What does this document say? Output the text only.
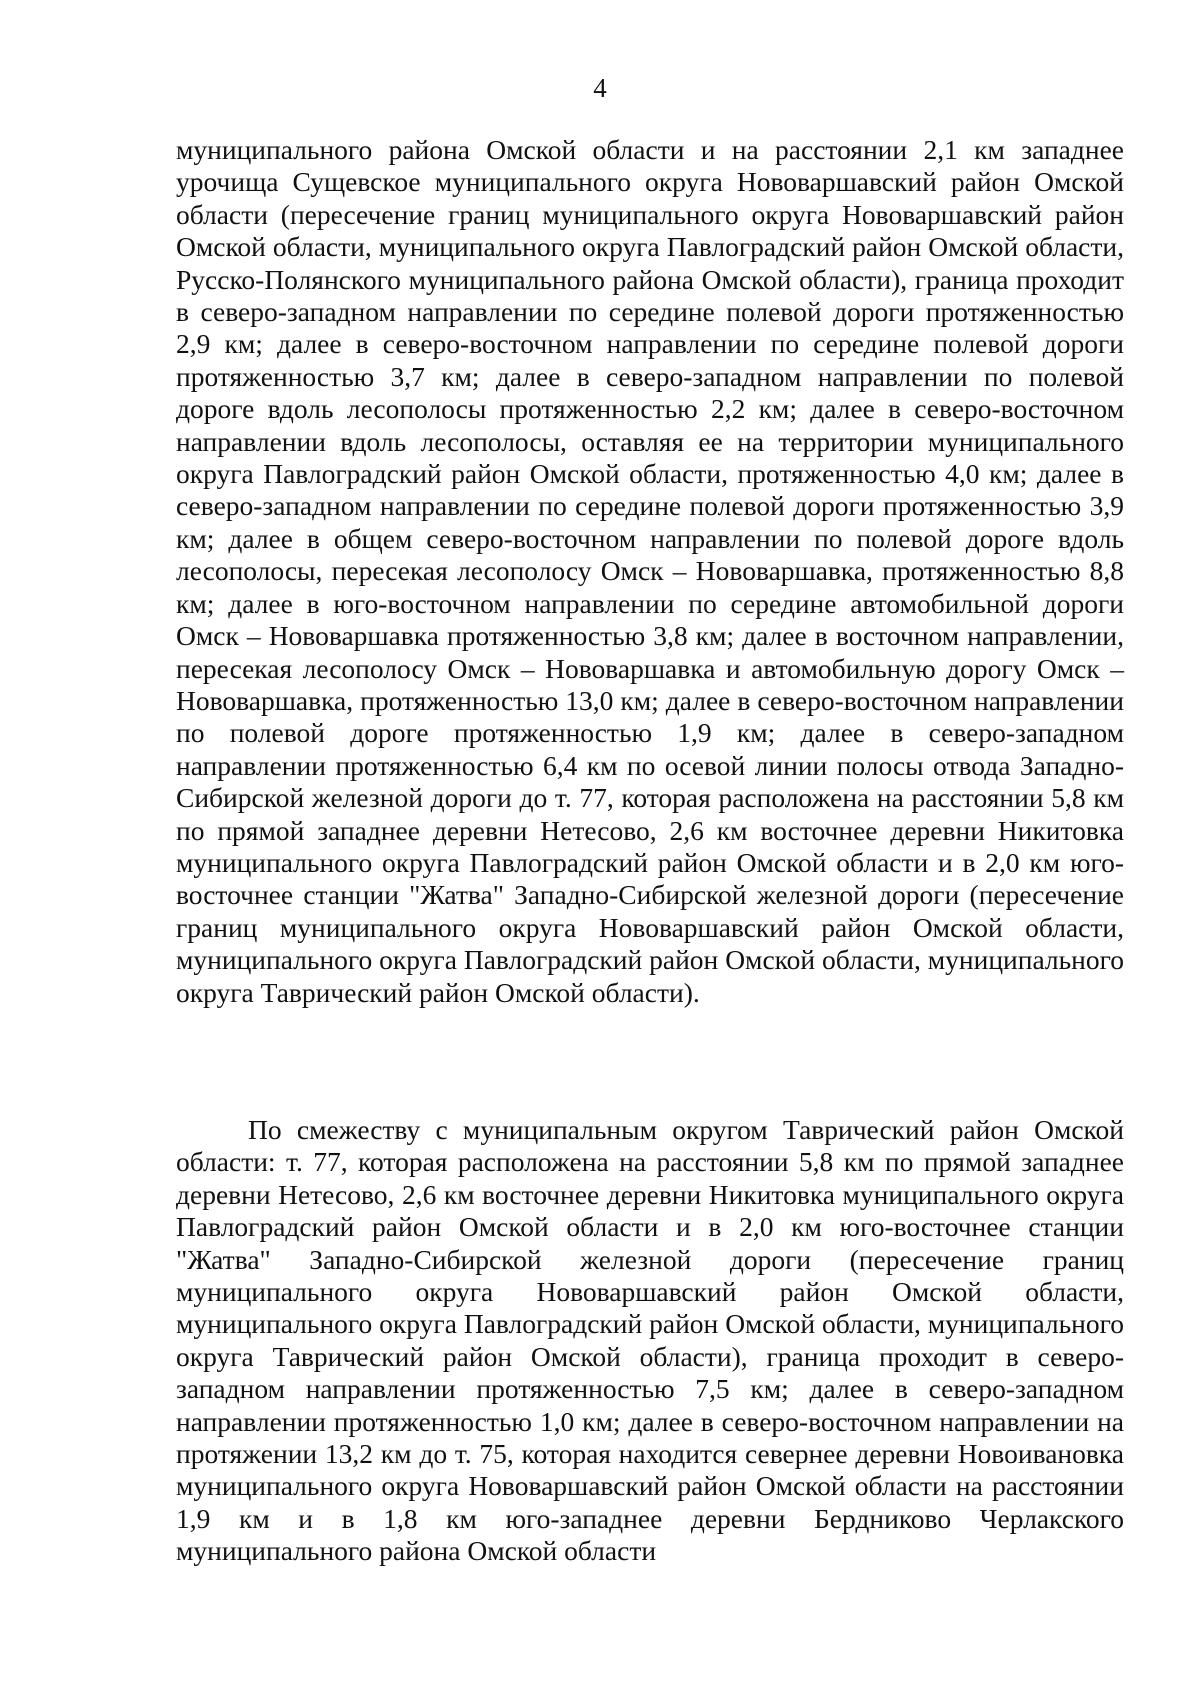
4

муниципального района Омской области и на расстоянии 2,1 км западнее урочища Сущевское муниципального округа Нововаршавский район Омской области (пересечение границ муниципального округа Нововаршавский район Омской области, муниципального округа Павлоградский район Омской области, Русско-Полянского муниципального района Омской области), граница проходит в северо-западном направлении по середине полевой дороги протяженностью 2,9 км; далее в северо-восточном направлении по середине полевой дороги протяженностью 3,7 км; далее в северо-западном направлении по полевой дороге вдоль лесополосы протяженностью 2,2 км; далее в северо-восточном направлении вдоль лесополосы, оставляя ее на территории муниципального округа Павлоградский район Омской области, протяженностью 4,0 км; далее в северо-западном направлении по середине полевой дороги протяженностью 3,9 км; далее в общем северо-восточном направлении по полевой дороге вдоль лесополосы, пересекая лесополосу Омск – Нововаршавка, протяженностью 8,8 км; далее в юго-восточном направлении по середине автомобильной дороги Омск – Нововаршавка протяженностью 3,8 км; далее в восточном направлении, пересекая лесополосу Омск – Нововаршавка и автомобильную дорогу Омск – Нововаршавка, протяженностью 13,0 км; далее в северо-восточном направлении по полевой дороге протяженностью 1,9 км; далее в северо-западном направлении протяженностью 6,4 км по осевой линии полосы отвода Западно-Сибирской железной дороги до т. 77, которая расположена на расстоянии 5,8 км по прямой западнее деревни Нетесово, 2,6 км восточнее деревни Никитовка муниципального округа Павлоградский район Омской области и в 2,0 км юго-восточнее станции "Жатва" Западно-Сибирской железной дороги (пересечение границ муниципального округа Нововаршавский район Омской области, муниципального округа Павлоградский район Омской области, муниципального округа Таврический район Омской области).

По смежеству с муниципальным округом Таврический район Омской области: т. 77, которая расположена на расстоянии 5,8 км по прямой западнее деревни Нетесово, 2,6 км восточнее деревни Никитовка муниципального округа Павлоградский район Омской области и в 2,0 км юго-восточнее станции "Жатва" Западно-Сибирской железной дороги (пересечение границ муниципального округа Нововаршавский район Омской области, муниципального округа Павлоградский район Омской области, муниципального округа Таврический район Омской области), граница проходит в северо-западном направлении протяженностью 7,5 км; далее в северо-западном направлении протяженностью 1,0 км; далее в северо-восточном направлении на протяжении 13,2 км до т. 75, которая находится севернее деревни Новоивановка муниципального округа Нововаршавский район Омской области на расстоянии 1,9 км и в 1,8 км юго-западнее деревни Бердниково Черлакского муниципального района Омской области
